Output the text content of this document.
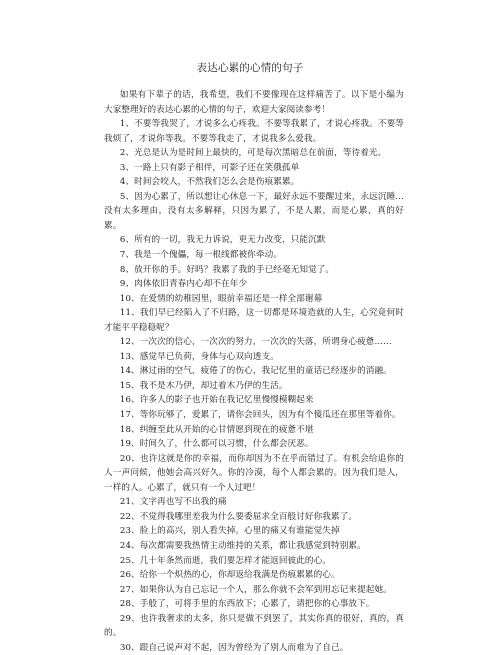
表达心累的心情的句子

如果有下辈子的话，我希望，我们不要像现在这样痛苦了。以下是小编为大家整理好的表达心累的心情的句子，欢迎大家阅读参考！

1、不要等我哭了，才说多么心疼我。不要等我累了，才说心疼我。不要等我烦了，才说你等我。不要等我走了，才说我多么爱我。

2、光总是认为是时间上最快的，可是每次黑暗总在前面，等待着光。

3、一路上只有影子相伴，可影子还在笑俄孤单

4、时间会咬人，不然我们怎么会是伤痕累累。

5、因为心累了，所以想让心休息一下，最好永远不要醒过来，永远沉睡…没有太多理由，没有太多解释，只因为累了，不是人累，而是心累，真的好累。

6、所有的一切，我无力诉说，更无力改变，只能沉默

7、我是一个傀儡，每一根线都被你牵动。

8、放开你的手。好吗？我累了我的手已经毫无知觉了。

9、肉体依旧青春内心却不在年少

10、在爱情的幼稚园里，眼前幸福还是一样全部谢幕

11、我们早已经陷入了不归路，这一切都是环境造就的人生，心究竟何时才能平平稳稳呢？

12、一次次的信心，一次次的努力，一次次的失落，所谓身心疲惫……

13、感觉早已负荷，身体与心双向透支。

14、淋过雨的空气，疲倦了的伤心，我记忆里的童话已经逐步的消融。

15、我不是木乃伊，却过着木乃伊的生活。

16、许多人的影子也开始在我记忆里慢慢模糊起来

17、等你玩够了，爱累了，请你会回头，因为有个傻瓜还在那里等着你。

18、纠缠至此从开始的心甘情愿到现在的疲惫不堪

19、时间久了，什么都可以习惯，什么都会厌恶。

20、也许这就是你的幸福，而你却因为不在乎而错过了。有机会给追你的人一声问候，他她会高兴好久。你的冷漠，每个人都会累的。因为我们是人，一样的人。心累了，就只有一个人过吧！

21、文字再也写不出我的痛

22、不觉得我哪里差我为什么要委屈求全百般讨好你我累了。

23、脸上的高兴，别人看失掉。心里的痛又有谁能觉失掉

24、每次都需要我热情主动维持的关系，都让我感觉到特别累。

25、几十年条然而逝，我们要怎样才能返回彼此的心。

26、给你一个炽热的心，你却返给我满是伤痕累累的心。

27、如果你认为自己忘记一个人，那么你就不会军到用忘记来提起她。

28、手般了，可将手里的东西放下；心累了，请把你的心事放下。

29、也许我奢求的太多，你只是做不到罢了，其实你真的很好，真的，真的。

30、跟自己说声对不起，因为曾经为了别人而难为了自己。
